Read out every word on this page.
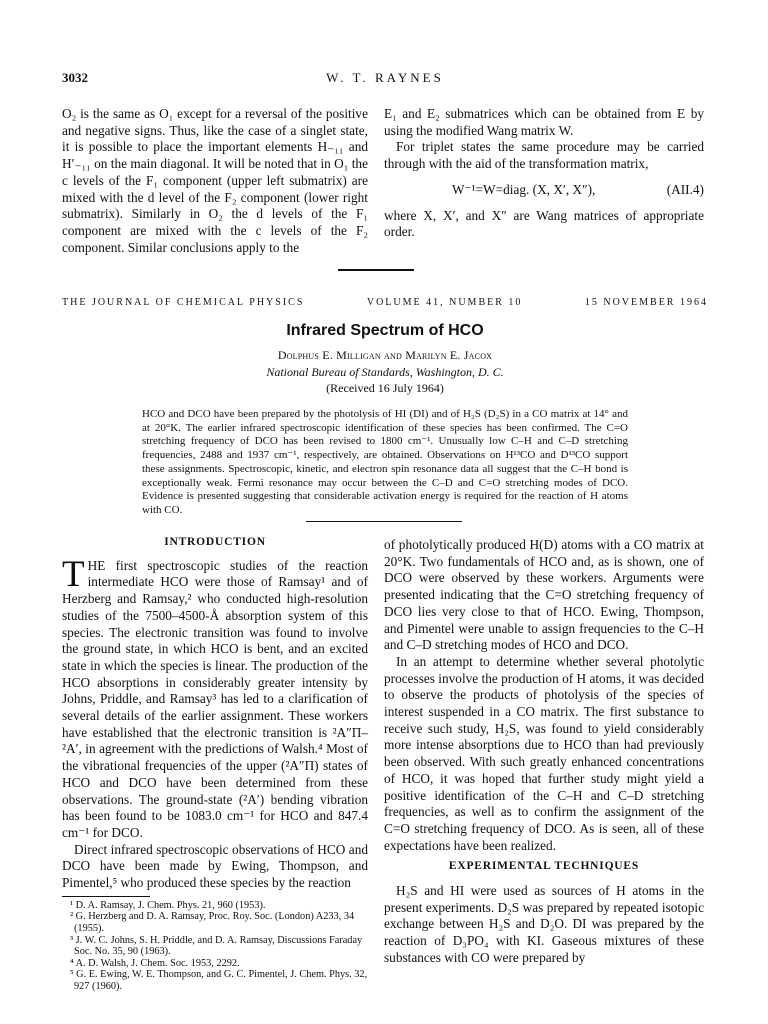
3032	W. T. RAYNES

O₂ is the same as O₁ except for a reversal of the positive and negative signs. Thus, like the case of a singlet state, it is possible to place the important elements H₋₁₁ and H′₋₁₁ on the main diagonal. It will be noted that in O₁ the c levels of the F₁ component (upper left submatrix) are mixed with the d level of the F₂ component (lower right submatrix). Similarly in O₂ the d levels of the F₁ component are mixed with the c levels of the F₂ component. Similar conclusions apply to the

E₁ and E₂ submatrices which can be obtained from E by using the modified Wang matrix W.

For triplet states the same procedure may be carried through with the aid of the transformation matrix,

W⁻¹=W=diag. (X, X′, X″),	(AII.4)

where X, X′, and X″ are Wang matrices of appropriate order.

THE JOURNAL OF CHEMICAL PHYSICS	VOLUME 41, NUMBER 10	15 NOVEMBER 1964
Infrared Spectrum of HCO
Dolphus E. Milligan and Marilyn E. Jacox
National Bureau of Standards, Washington, D. C.
(Received 16 July 1964)
HCO and DCO have been prepared by the photolysis of HI (DI) and of H₂S (D₂S) in a CO matrix at 14° and at 20°K. The earlier infrared spectroscopic identification of these species has been confirmed. The C=O stretching frequency of DCO has been revised to 1800 cm⁻¹. Unusually low C–H and C–D stretching frequencies, 2488 and 1937 cm⁻¹, respectively, are obtained. Observations on H¹³CO and D¹³CO support these assignments. Spectroscopic, kinetic, and electron spin resonance data all suggest that the C–H bond is exceptionally weak. Fermi resonance may occur between the C–D and C=O stretching modes of DCO. Evidence is presented suggesting that considerable activation energy is required for the reaction of H atoms with CO.
INTRODUCTION

THE first spectroscopic studies of the reaction intermediate HCO were those of Ramsay¹ and of Herzberg and Ramsay,² who conducted high-resolution studies of the 7500–4500-Å absorption system of this species. The electronic transition was found to involve the ground state, in which HCO is bent, and an excited state in which the species is linear. The production of the HCO absorptions in considerably greater intensity by Johns, Priddle, and Ramsay³ has led to a clarification of several details of the earlier assignment. These workers have established that the electronic transition is ²A″Π–²A′, in agreement with the predictions of Walsh.⁴ Most of the vibrational frequencies of the upper (²A″Π) states of HCO and DCO have been determined from these observations. The ground-state (²A′) bending vibration has been found to be 1083.0 cm⁻¹ for HCO and 847.4 cm⁻¹ for DCO.

Direct infrared spectroscopic observations of HCO and DCO have been made by Ewing, Thompson, and Pimentel,⁵ who produced these species by the reaction

¹ D. A. Ramsay, J. Chem. Phys. 21, 960 (1953).
² G. Herzberg and D. A. Ramsay, Proc. Roy. Soc. (London) A233, 34 (1955).
³ J. W. C. Johns, S. H. Priddle, and D. A. Ramsay, Discussions Faraday Soc. No. 35, 90 (1963).
⁴ A. D. Walsh, J. Chem. Soc. 1953, 2292.
⁵ G. E. Ewing, W. E. Thompson, and G. C. Pimentel, J. Chem. Phys. 32, 927 (1960).

of photolytically produced H(D) atoms with a CO matrix at 20°K. Two fundamentals of HCO and, as is shown, one of DCO were observed by these workers. Arguments were presented indicating that the C=O stretching frequency of DCO lies very close to that of HCO. Ewing, Thompson, and Pimentel were unable to assign frequencies to the C–H and C–D stretching modes of HCO and DCO.

In an attempt to determine whether several photolytic processes involve the production of H atoms, it was decided to observe the products of photolysis of the species of interest suspended in a CO matrix. The first substance to receive such study, H₂S, was found to yield considerably more intense absorptions due to HCO than had previously been observed. With such greatly enhanced concentrations of HCO, it was hoped that further study might yield a positive identification of the C–H and C–D stretching frequencies, as well as to confirm the assignment of the C=O stretching frequency of DCO. As is seen, all of these expectations have been realized.

EXPERIMENTAL TECHNIQUES

H₂S and HI were used as sources of H atoms in the present experiments. D₂S was prepared by repeated isotopic exchange between H₂S and D₂O. DI was prepared by the reaction of D₃PO₄ with KI. Gaseous mixtures of these substances with CO were prepared by
